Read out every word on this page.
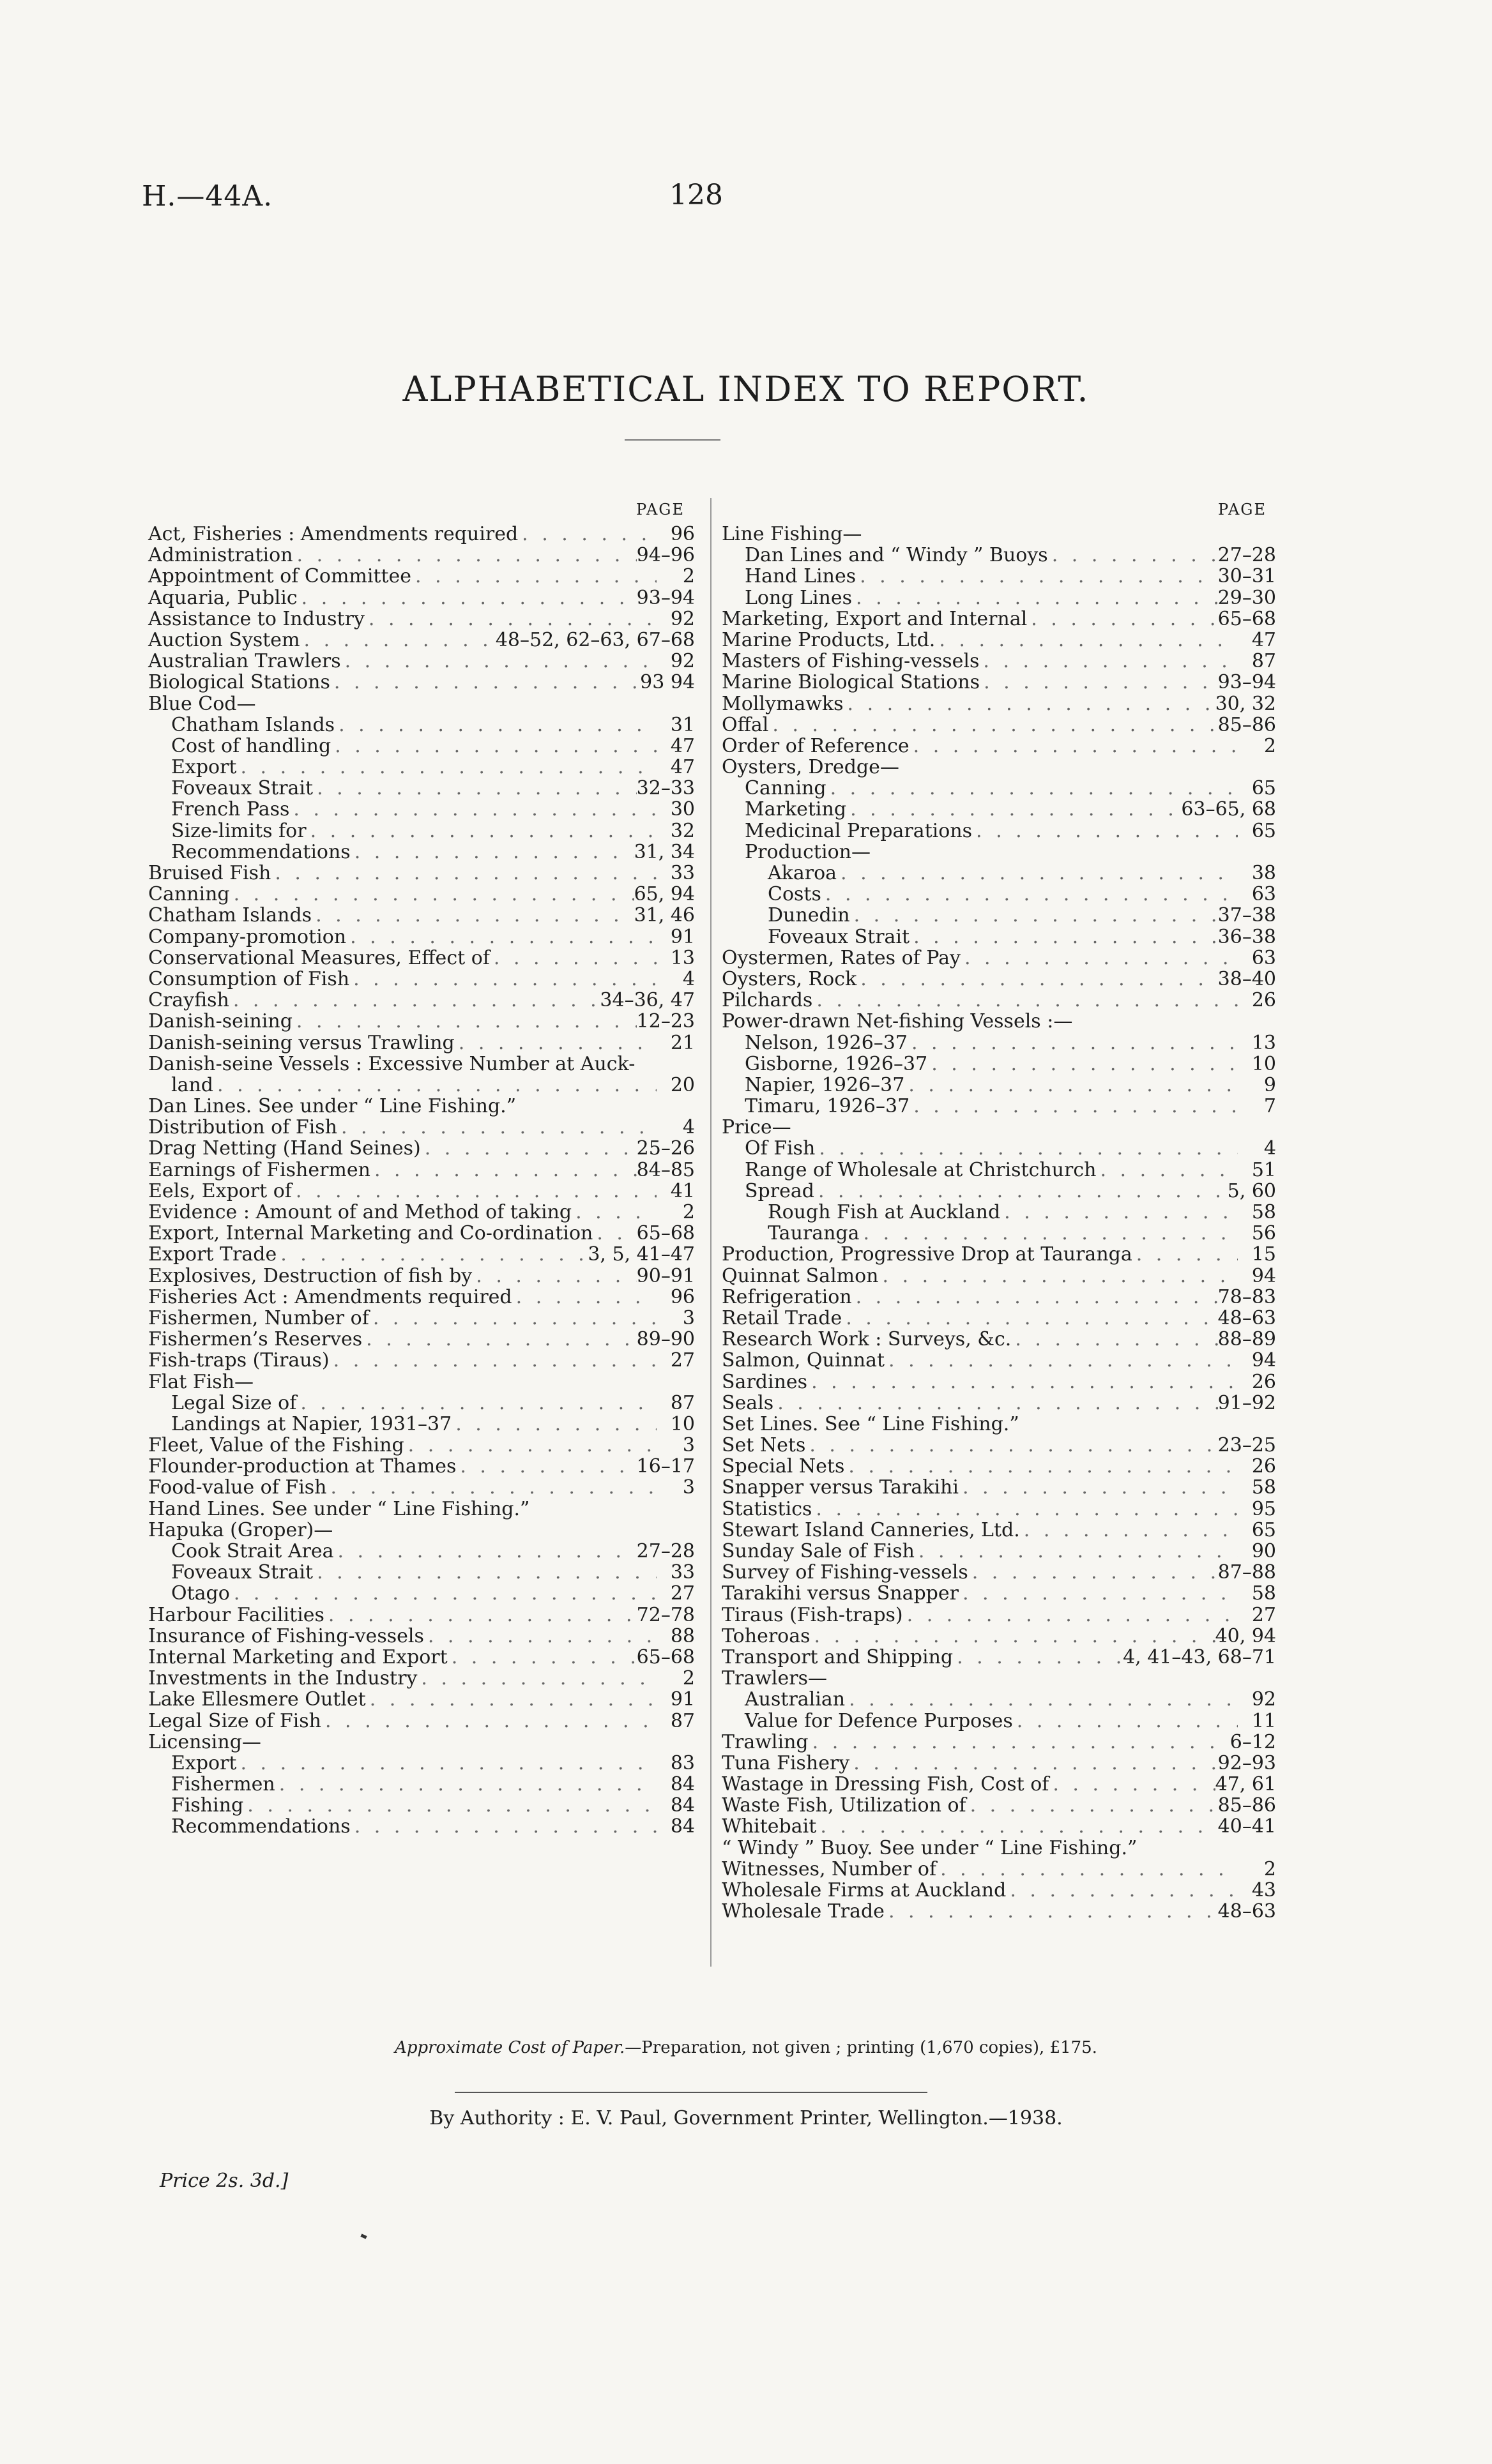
H.—44A.	128
ALPHABETICAL INDEX TO REPORT.
PAGE
Act, Fisheries : Amendments required . . .	96
Administration . . .	94–96
Appointment of Committee . . .	2
Aquaria, Public . . .	93–94
Assistance to Industry . . .	92
Auction System . . .	48–52, 62–63, 67–68
Australian Trawlers . . .	92
Biological Stations . . .	93 94
Blue Cod—
Chatham Islands . . .	31
Cost of handling . . .	47
Export . . .	47
Foveaux Strait . . .	32–33
French Pass . . .	30
Size-limits for . . .	32
Recommendations . . .	31, 34
Bruised Fish . . .	33
Canning . . .	65, 94
Chatham Islands . . .	31, 46
Company-promotion . . .	91
Conservational Measures, Effect of . . .	13
Consumption of Fish . . .	4
Crayfish . . .	34–36, 47
Danish-seining . . .	12–23
Danish-seining versus Trawling . . .	21
Danish-seine Vessels : Excessive Number at Auck-
land . . .	20
Dan Lines. See under “ Line Fishing.”
Distribution of Fish . . .	4
Drag Netting (Hand Seines) . . .	25–26
Earnings of Fishermen . . .	84–85
Eels, Export of . . .	41
Evidence : Amount of and Method of taking . . .	2
Export, Internal Marketing and Co-ordination . . . 65–68
Export Trade . . .	3, 5, 41–47
Explosives, Destruction of fish by . . .	90–91
Fisheries Act : Amendments required . . .	96
Fishermen, Number of . . .	3
Fishermen’s Reserves . . .	89–90
Fish-traps (Tiraus) . . .	27
Flat Fish—
Legal Size of . . .	87
Landings at Napier, 1931–37 . . .	10
Fleet, Value of the Fishing . . .	3
Flounder-production at Thames . . .	16–17
Food-value of Fish . . .	3
Hand Lines. See under “ Line Fishing.”
Hapuka (Groper)—
Cook Strait Area . . .	27–28
Foveaux Strait . . .	33
Otago . . .	27
Harbour Facilities . . .	72–78
Insurance of Fishing-vessels . . .	88
Internal Marketing and Export . . .	65–68
Investments in the Industry . . .	2
Lake Ellesmere Outlet . . .	91
Legal Size of Fish . . .	87
Licensing—
Export . . .	83
Fishermen . . .	84
Fishing . . .	84
Recommendations . . .	84
PAGE
Line Fishing—
Dan Lines and “ Windy ” Buoys . . .	27–28
Hand Lines . . .	30–31
Long Lines . . .	29–30
Marketing, Export and Internal . . .	65–68
Marine Products, Ltd. . . .	47
Masters of Fishing-vessels . . .	87
Marine Biological Stations . . .	93–94
Mollymawks . . .	30, 32
Offal . . .	85–86
Order of Reference . . .	2
Oysters, Dredge—
Canning . . .	65
Marketing . . .	63–65, 68
Medicinal Preparations . . .	65
Production—
Akaroa . . .	38
Costs . . .	63
Dunedin . . .	37–38
Foveaux Strait . . .	36–38
Oystermen, Rates of Pay . . .	63
Oysters, Rock . . .	38–40
Pilchards . . .	26
Power-drawn Net-fishing Vessels :—
Nelson, 1926–37 . . .	13
Gisborne, 1926–37 . . .	10
Napier, 1926–37 . . .	9
Timaru, 1926–37 . . .	7
Price—
Of Fish . . .	4
Range of Wholesale at Christchurch . . .	51
Spread . . .	5, 60
Rough Fish at Auckland . . .	58
Tauranga . . .	56
Production, Progressive Drop at Tauranga . . .	15
Quinnat Salmon . . .	94
Refrigeration . . .	78–83
Retail Trade . . .	48–63
Research Work : Surveys, &c. . . .	88–89
Salmon, Quinnat . . .	94
Sardines . . .	26
Seals . . .	91–92
Set Lines. See “ Line Fishing.”
Set Nets . . .	23–25
Special Nets . . .	26
Snapper versus Tarakihi . . .	58
Statistics . . .	95
Stewart Island Canneries, Ltd. . . .	65
Sunday Sale of Fish . . .	90
Survey of Fishing-vessels . . .	87–88
Tarakihi versus Snapper . . .	58
Tiraus (Fish-traps) . . .	27
Toheroas . . .	40, 94
Transport and Shipping . . .	4, 41–43, 68–71
Trawlers—
Australian . . .	92
Value for Defence Purposes . . .	11
Trawling . . .	6–12
Tuna Fishery . . .	92–93
Wastage in Dressing Fish, Cost of . . .	47, 61
Waste Fish, Utilization of . . .	85–86
Whitebait . . .	40–41
“ Windy ” Buoy. See under “ Line Fishing.”
Witnesses, Number of . . .	2
Wholesale Firms at Auckland . . .	43
Wholesale Trade . . .	48–63
Approximate Cost of Paper.—Preparation, not given ; printing (1,670 copies), £175.
By Authority : E. V. Paul, Government Printer, Wellington.—1938.
Price 2s. 3d.]
